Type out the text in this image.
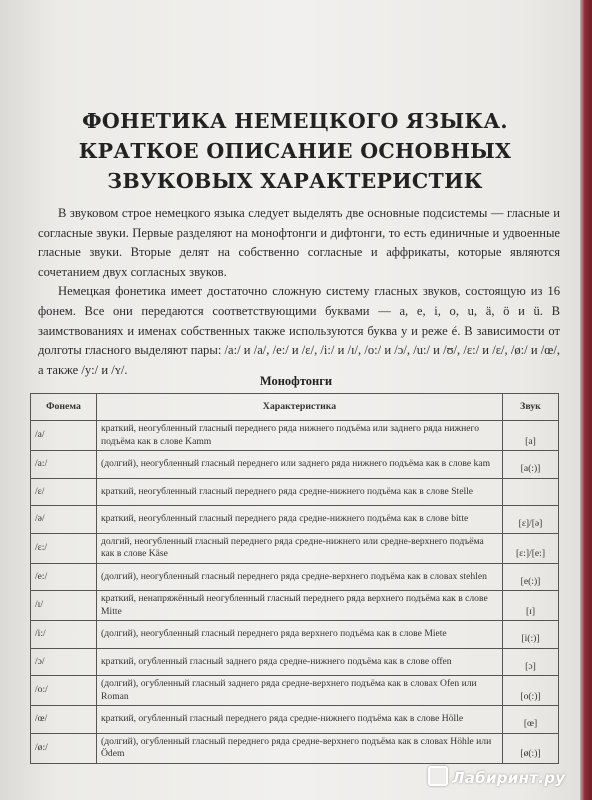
ФОНЕТИКА НЕМЕЦКОГО ЯЗЫКА.
КРАТКОЕ ОПИСАНИЕ ОСНОВНЫХ
ЗВУКОВЫХ ХАРАКТЕРИСТИК

В звуковом строе немецкого языка следует выделять две основные подсистемы — гласные и согласные звуки. Первые разделяют на монофтонги и дифтонги, то есть единичные и удвоенные гласные звуки. Вторые делят на собственно согласные и аффрикаты, которые являются сочетанием двух согласных звуков.

Немецкая фонетика имеет достаточно сложную систему гласных звуков, состоящую из 16 фонем. Все они передаются соответствующими буквами — a, e, i, o, u, ä, ö и ü. В заимствованиях и именах собственных также используются буква y и реже é. В зависимости от долготы гласного выделяют пары: /a:/ и /a/, /e:/ и /ɛ/, /i:/ и /ɪ/, /o:/ и /ɔ/, /u:/ и /ʊ/, /ɛ:/ и /ɛ/, /ø:/ и /œ/, а также /y:/ и /ʏ/.

Монофтонги
Фонема	Характеристика	Звук
/a/	краткий, неогубленный гласный переднего ряда нижнего подъёма или заднего ряда нижнего подъёма как в слове Kamm	[a]
/a:/	(долгий), неогубленный гласный переднего или заднего ряда нижнего подъёма как в слове kam	[a(:)]
/ɛ/	краткий, неогубленный гласный переднего ряда средне-нижнего подъёма как в слове Stelle	
/ə/	краткий, неогубленный гласный переднего ряда средне-нижнего подъёма как в слове bitte	[ɛ]/[ə]
/ɛ:/	долгий, неогубленный гласный переднего ряда средне-нижнего или средне-верхнего подъёма как в слове Käse	[ɛ:]/[e:]
/e:/	(долгий), неогубленный гласный переднего ряда средне-верхнего подъёма как в словах stehlen	[e(:)]
/ɪ/	краткий, ненапряжённый неогубленный гласный переднего ряда верхнего подъёма как в слове Mitte	[ɪ]
/i:/	(долгий), неогубленный гласный переднего ряда верхнего подъёма как в слове Miete	[i(:)]
/ɔ/	краткий, огубленный гласный заднего ряда средне-нижнего подъёма как в слове offen	[ɔ]
/o:/	(долгий), огубленный гласный заднего ряда средне-верхнего подъёма как в словах Ofen или Roman	[o(:)]
/œ/	краткий, огубленный гласный переднего ряда средне-нижнего подъёма как в слове Hölle	[œ]
/ø:/	(долгий), огубленный гласный переднего ряда средне-верхнего подъёма как в словах Höhle или Ödem	[ø(:)]
Лабиринт.ру
